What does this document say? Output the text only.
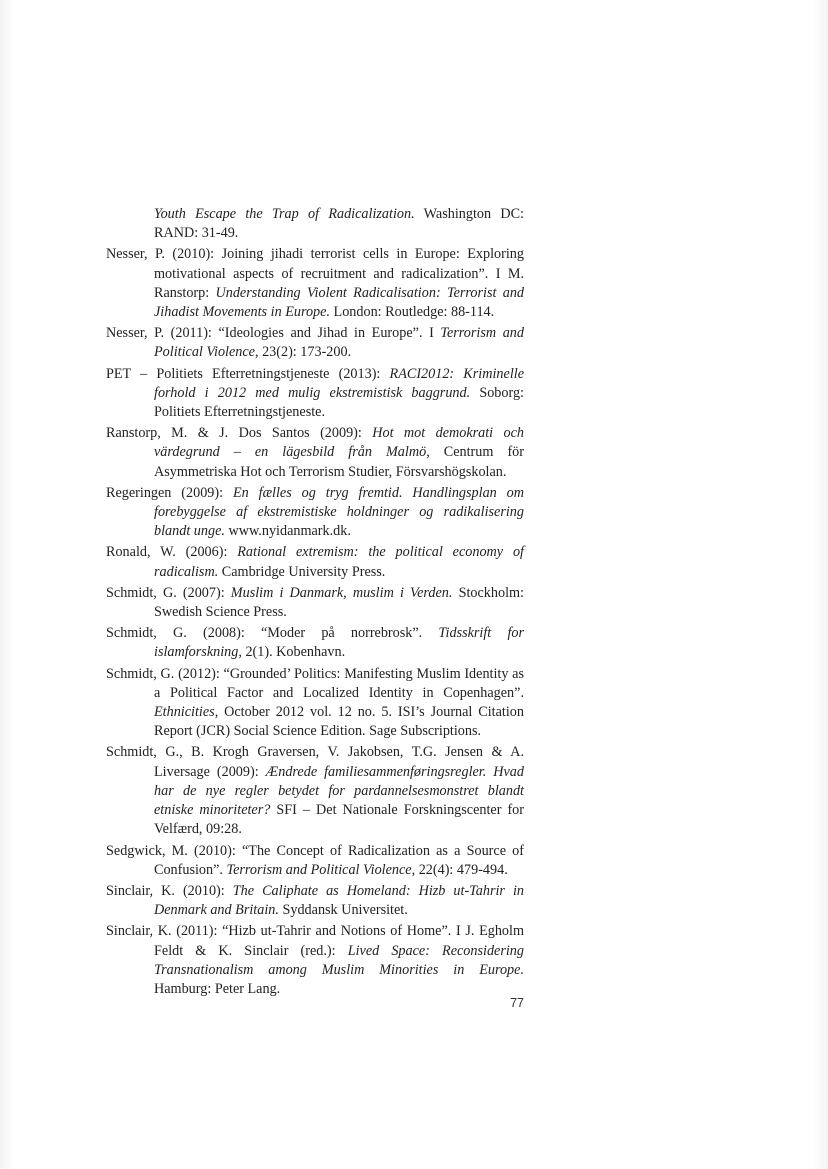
Youth Escape the Trap of Radicalization. Washington DC: RAND: 31-49.

Nesser, P. (2010): Joining jihadi terrorist cells in Europe: Exploring motivational aspects of recruitment and radicalization”. I M. Ranstorp: Understanding Violent Radicalisation: Terrorist and Jihadist Movements in Europe. London: Routledge: 88-114.

Nesser, P. (2011): “Ideologies and Jihad in Europe”. I Terrorism and Political Violence, 23(2): 173-200.

PET – Politiets Efterretningstjeneste (2013): RACI2012: Kriminelle forhold i 2012 med mulig ekstremistisk baggrund. Soborg: Politiets Efterretningstjeneste.

Ranstorp, M. & J. Dos Santos (2009): Hot mot demokrati och värdegrund – en lägesbild från Malmö, Centrum för Asymmetriska Hot och Terrorism Studier, Försvarshögskolan.

Regeringen (2009): En fælles og tryg fremtid. Handlingsplan om forebyggelse af ekstremistiske holdninger og radikalisering blandt unge. www.nyidanmark.dk.

Ronald, W. (2006): Rational extremism: the political economy of radicalism. Cambridge University Press.

Schmidt, G. (2007): Muslim i Danmark, muslim i Verden. Stockholm: Swedish Science Press.

Schmidt, G. (2008): “Moder på norrebrosk”. Tidsskrift for islamforskning, 2(1). Kobenhavn.

Schmidt, G. (2012): “Grounded’ Politics: Manifesting Muslim Identity as a Political Factor and Localized Identity in Copenhagen”. Ethnicities, October 2012 vol. 12 no. 5. ISI’s Journal Citation Report (JCR) Social Science Edition. Sage Subscriptions.

Schmidt, G., B. Krogh Graversen, V. Jakobsen, T.G. Jensen & A. Liversage (2009): Ændrede familiesammenføringsregler. Hvad har de nye regler betydet for pardannelsesmonstret blandt etniske minoriteter? SFI – Det Nationale Forskningscenter for Velfærd, 09:28.

Sedgwick, M. (2010): “The Concept of Radicalization as a Source of Confusion”. Terrorism and Political Violence, 22(4): 479-494.

Sinclair, K. (2010): The Caliphate as Homeland: Hizb ut-Tahrir in Denmark and Britain. Syddansk Universitet.

Sinclair, K. (2011): “Hizb ut-Tahrir and Notions of Home”. I J. Egholm Feldt & K. Sinclair (red.): Lived Space: Reconsidering Transnationalism among Muslim Minorities in Europe. Hamburg: Peter Lang.

77
